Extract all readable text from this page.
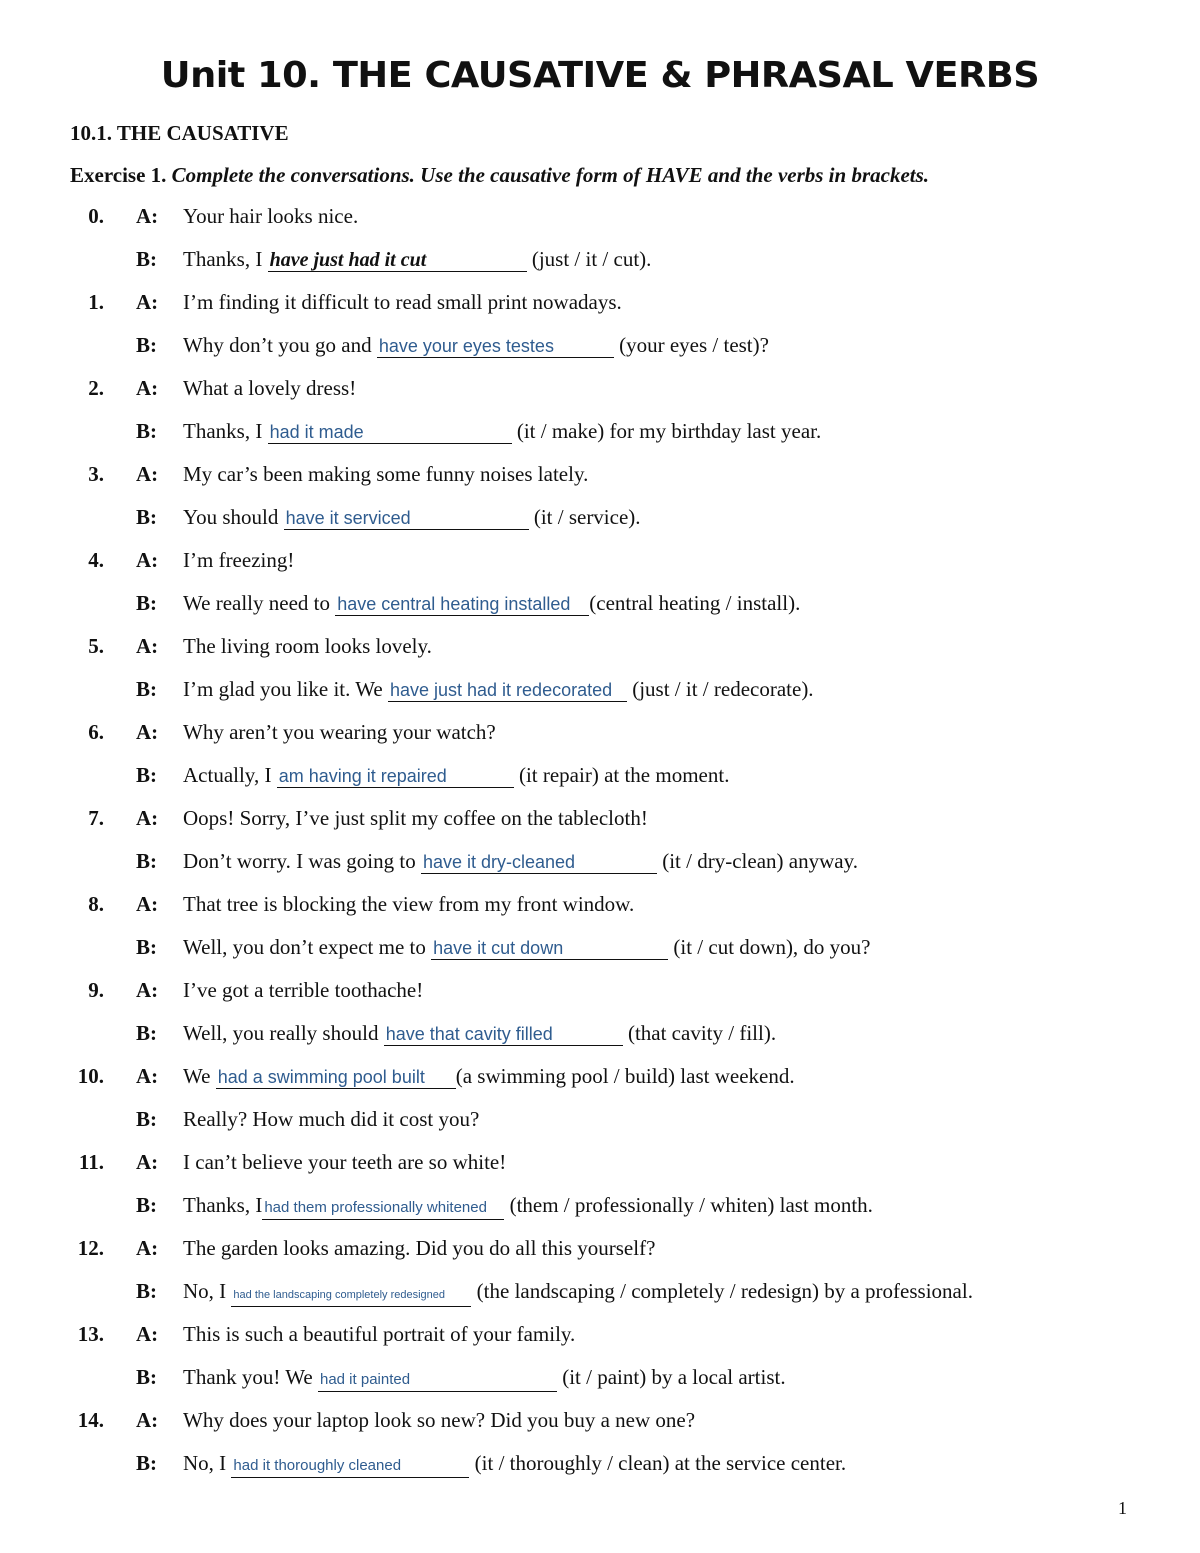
Unit 10. THE CAUSATIVE & PHRASAL VERBS
10.1. THE CAUSATIVE
Exercise 1. Complete the conversations. Use the causative form of HAVE and the verbs in brackets.
0. A: Your hair looks nice.
B: Thanks, I have just had it cut	(just / it / cut).
1. A: I’m finding it difficult to read small print nowadays.
B: Why don’t you go and have your eyes testes	(your eyes / test)?
2. A: What a lovely dress!
B: Thanks, I had it made	(it / make) for my birthday last year.
3. A: My car’s been making some funny noises lately.
B: You should have it serviced	(it / service).
4. A: I’m freezing!
B: We really need to have central heating installed (central heating / install).
5. A: The living room looks lovely.
B: I’m glad you like it. We have just had it redecorated (just / it / redecorate).
6. A: Why aren’t you wearing your watch?
B: Actually, I am having it repaired	(it repair) at the moment.
7. A: Oops! Sorry, I’ve just split my coffee on the tablecloth!
B: Don’t worry. I was going to have it dry-cleaned	(it / dry-clean) anyway.
8. A: That tree is blocking the view from my front window.
B: Well, you don’t expect me to have it cut down	(it / cut down), do you?
9. A: I’ve got a terrible toothache!
B: Well, you really should have that cavity filled	(that cavity / fill).
10. A: We had a swimming pool built (a swimming pool / build) last weekend.
B: Really? How much did it cost you?
11. A: I can’t believe your teeth are so white!
B: Thanks, I had them professionally whitened (them / professionally / whiten) last month.
12. A: The garden looks amazing. Did you do all this yourself?
B: No, I had the landscaping completely redesigned (the landscaping / completely / redesign) by a professional.
13. A: This is such a beautiful portrait of your family.
B: Thank you! We had it painted	(it / paint) by a local artist.
14. A: Why does your laptop look so new? Did you buy a new one?
B: No, I had it thoroughly cleaned	(it / thoroughly / clean) at the service center.
1
